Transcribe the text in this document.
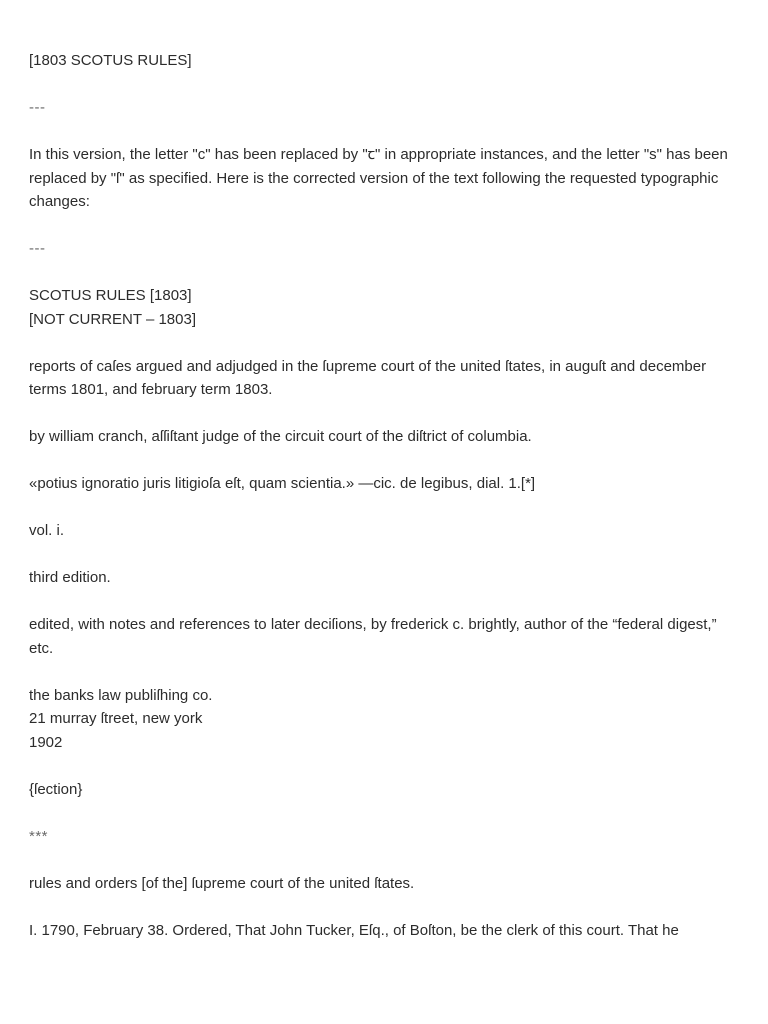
[1803 SCOTUS RULES]
---
In this version, the letter "c" has been replaced by "ꞇ" in appropriate instances, and the letter "s" has been replaced by "ſ" as specified. Here is the corrected version of the text following the requested typographic changes:
---
SCOTUS RULES [1803]
[NOT CURRENT – 1803]
reports of caſes argued and adjudged in the ſupreme court of the united ſtates, in auguſt and december terms 1801, and february term 1803.
by william cranch, aſſiſtant judge of the circuit court of the diſtrict of columbia.
«potius ignoratio juris litigioſa eſt, quam scientia.» —cic. de legibus, dial. 1.[*]
vol. i.
third edition.
edited, with notes and references to later deciſions, by frederick c. brightly, author of the “federal digest,” etc.
the banks law publiſhing co.
21 murray ſtreet, new york
1902
{ſection}
***
rules and orders [of the] ſupreme court of the united ſtates.
I. 1790, February 38. Ordered, That John Tucker, Eſq., of Boſton, be the clerk of this court. That he
